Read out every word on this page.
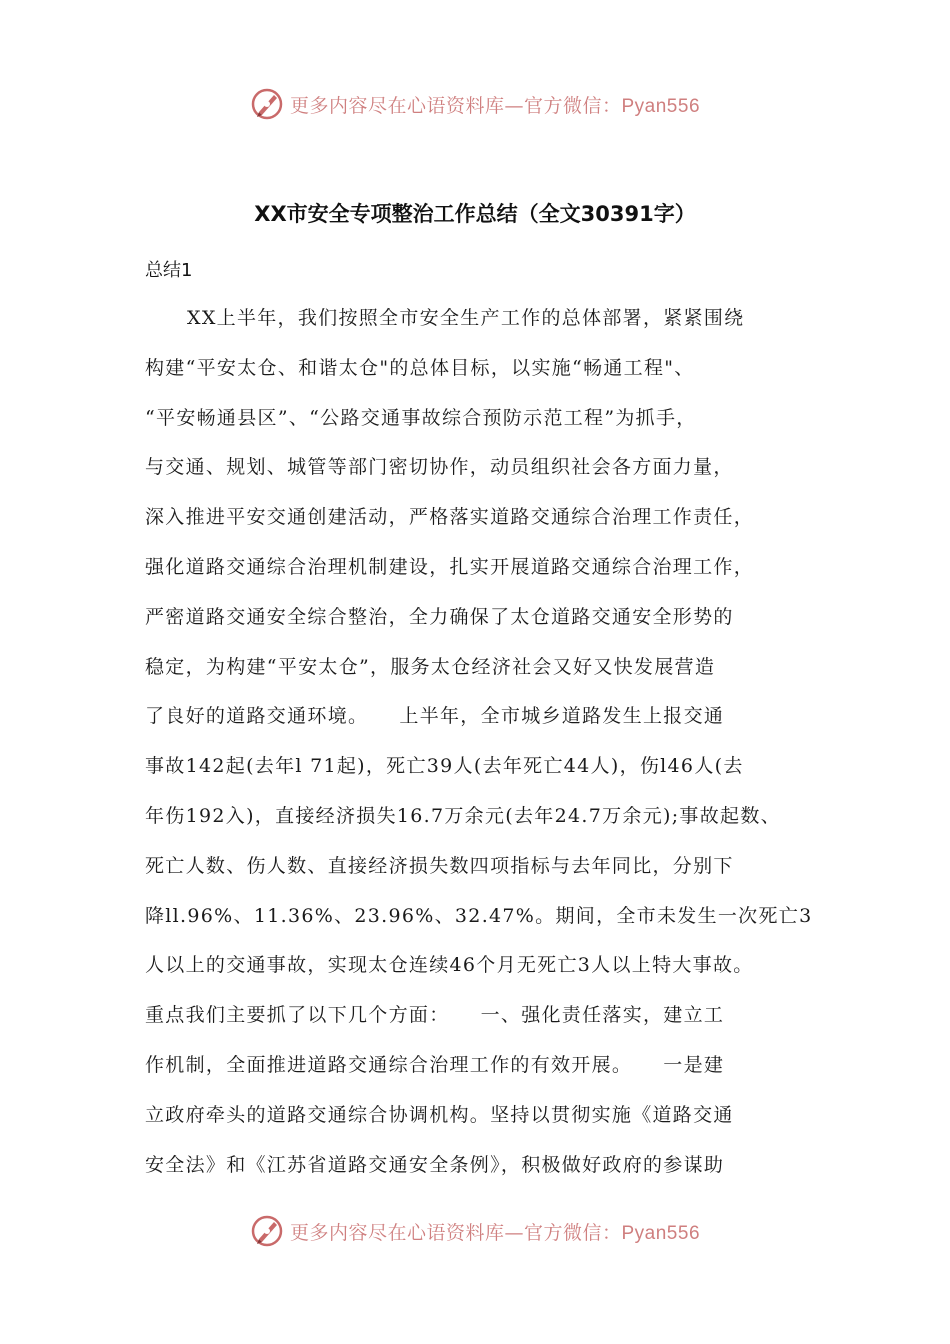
更多内容尽在心语资料库—官方微信：Pyan556
XX市安全专项整治工作总结（全文30391字）
总结1
XX上半年，我们按照全市安全生产工作的总体部署，紧紧围绕
构建“平安太仓、和谐太仓"的总体目标，以实施“畅通工程"、
“平安畅通县区”、“公路交通事故综合预防示范工程”为抓手，
与交通、规划、城管等部门密切协作，动员组织社会各方面力量，
深入推进平安交通创建活动，严格落实道路交通综合治理工作责任，
强化道路交通综合治理机制建设，扎实开展道路交通综合治理工作，
严密道路交通安全综合整治，全力确保了太仓道路交通安全形势的
稳定，为构建“平安太仓”，服务太仓经济社会又好又快发展营造
了良好的道路交通环境。　　上半年，全市城乡道路发生上报交通
事故142起(去年l 71起)，死亡39人(去年死亡44人)，伤l46人(去
年伤192入)，直接经济损失16.7万余元(去年24.7万余元);事故起数、
死亡人数、伤人数、直接经济损失数四项指标与去年同比，分别下
降ll.96%、11.36%、23.96%、32.47%。期间，全市未发生一次死亡3
人以上的交通事故，实现太仓连续46个月无死亡3人以上特大事故。
重点我们主要抓了以下几个方面：　　一、强化责任落实，建立工
作机制，全面推进道路交通综合治理工作的有效开展。　　一是建
立政府牵头的道路交通综合协调机构。坚持以贯彻实施《道路交通
安全法》和《江苏省道路交通安全条例》，积极做好政府的参谋助
更多内容尽在心语资料库—官方微信：Pyan556
